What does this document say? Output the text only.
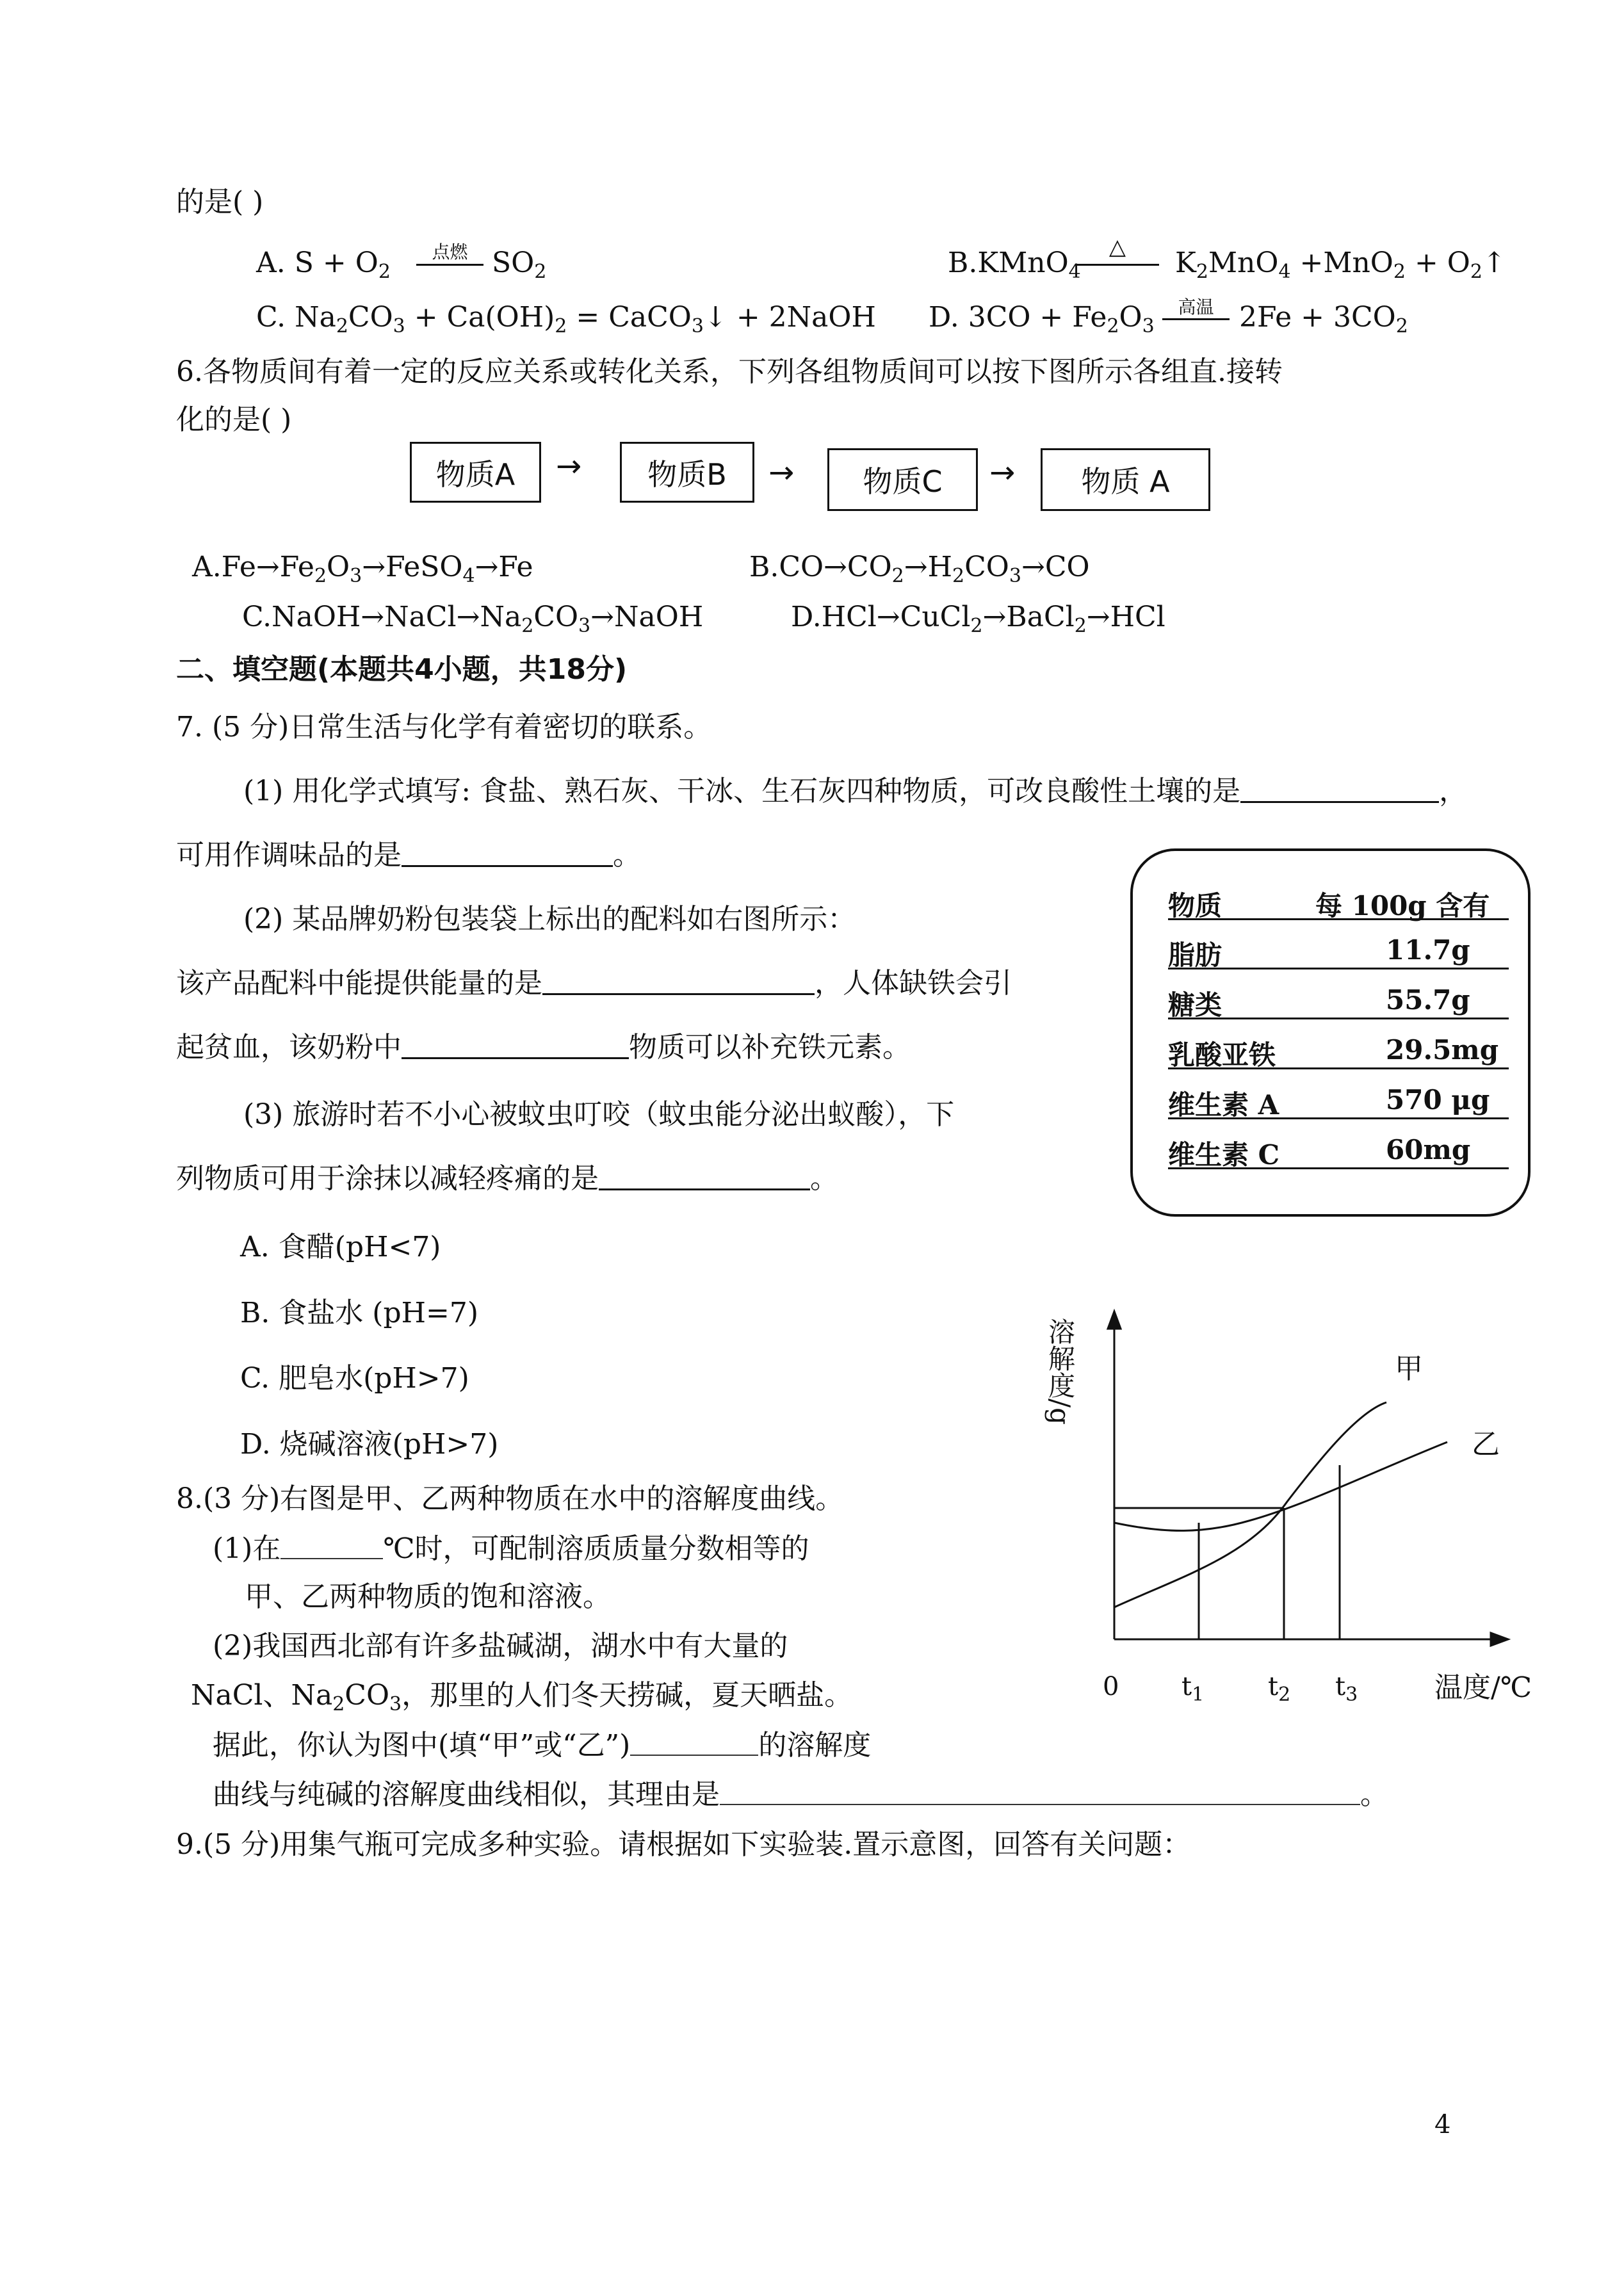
的是( )
A. $S + O_2$
点燃 $SO_2$	B.KMnO$_4$
△	$K_2MnO_4 +MnO_2$ + $O_2↑$
C. $Na_2CO_3 + Ca(OH)_2$ = CaCO$_3$↓ + 2NaOH D. $3CO + Fe_2O_3$
高温 $2Fe + 3CO_2$
6.各物质间有着一定的反应关系或转化关系，下列各组物质间可以按下图所示各组直.接转
化的是( )
物质A	→	物质B	→	物质C	→	物质 A
$A.Fe\to Fe_2O_3\to FeSO_4\to Fe$	$B.CO\to CO_2\to H_2CO_3\to CO$
$C.NaOH\to NaCl\to Na_2CO_3\to NaOH$	D.HCl→CuCl$_2$→BaCl$_2$→HCl
二、填空题(本题共4小题，共18分)
7. (5 分)日常生活与化学有着密切的联系。
(1) 用化学式填写: 食盐、熟石灰、干冰、生石灰四种物质，可改良酸性土壤的是	，
可用作调味品的是	。
(2) 某品牌奶粉包装袋上标出的配料如右图所示：
该产品配料中能提供能量的是	，人体缺铁会引
起贫血，该奶粉中	物质可以补充铁元素。
(3) 旅游时若不小心被蚊虫叮咬（蚊虫能分泌出蚁酸），下
列物质可用于涂抹以减轻疼痛的是	。
A. 食醋(pH<7)
B. 食盐水 (pH=7)
C. 肥皂水(pH>7)
D. 烧碱溶液(pH>7)
物质	每 100g 含有
脂肪	11.7g
糖类	55.7g
乳酸亚铁	29.5mg
维生素 A	570 μg
维生素 C	60mg
溶解度/g	甲
乙
0 $t_1$ $t_2$ $t_3$	温度/℃
8.(3 分)右图是甲、乙两种物质在水中的溶解度曲线。
(1)在	℃时，可配制溶质质量分数相等的
甲、乙两种物质的饱和溶液。
(2)我国西北部有许多盐碱湖，湖水中有大量的
NaCl、$Na_2CO_3$，那里的人们冬天捞碱，夏天晒盐。
据此，你认为图中(填“甲”或“乙”)	的溶解度
曲线与纯碱的溶解度曲线相似，其理由是	。
9.(5 分)用集气瓶可完成多种实验。请根据如下实验装.置示意图，回答有关问题：
4
